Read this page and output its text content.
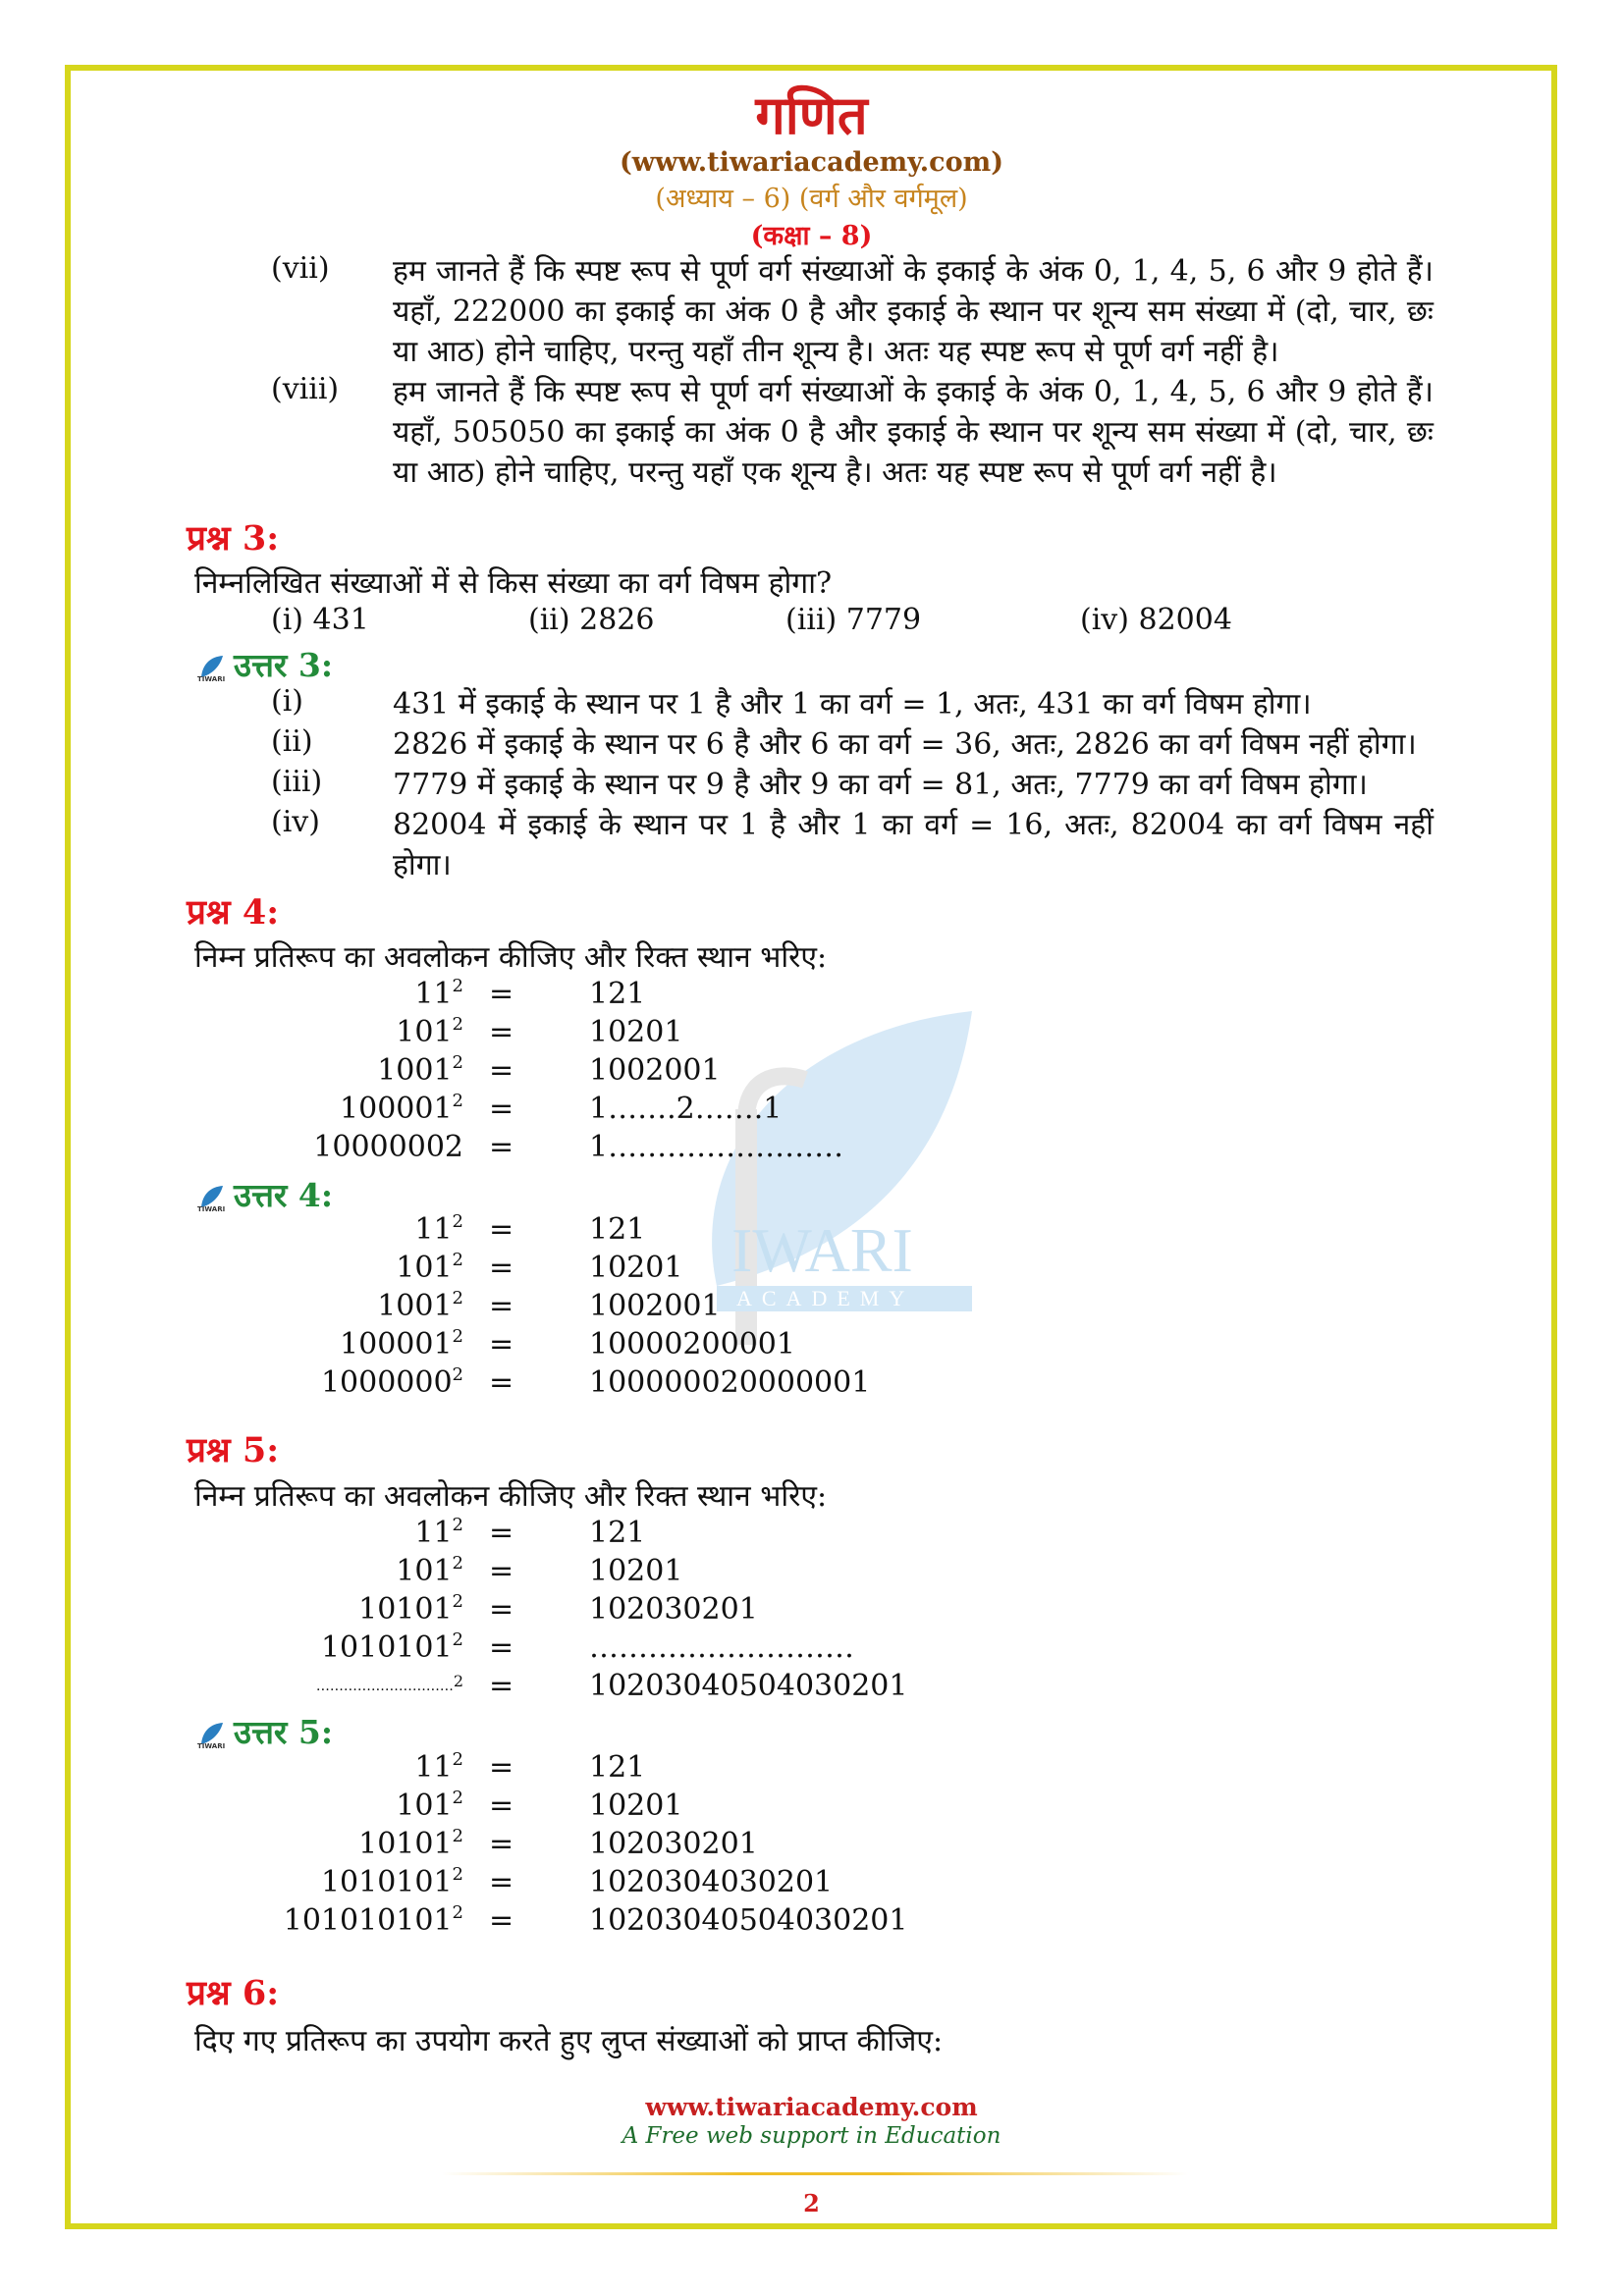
गणित
(www.tiwariacademy.com)
(अध्याय – 6) (वर्ग और वर्गमूल)
(कक्षा – 8)
IWARI
ACADEMY
(vii) हम जानते हैं कि स्पष्ट रूप से पूर्ण वर्ग संख्याओं के इकाई के अंक 0, 1, 4, 5, 6 और 9 होते हैं। यहाँ, 222000 का इकाई का अंक 0 है और इकाई के स्थान पर शून्य सम संख्या में (दो, चार, छः या आठ) होने चाहिए, परन्तु यहाँ तीन शून्य है। अतः यह स्पष्ट रूप से पूर्ण वर्ग नहीं है।
(viii) हम जानते हैं कि स्पष्ट रूप से पूर्ण वर्ग संख्याओं के इकाई के अंक 0, 1, 4, 5, 6 और 9 होते हैं। यहाँ, 505050 का इकाई का अंक 0 है और इकाई के स्थान पर शून्य सम संख्या में (दो, चार, छः या आठ) होने चाहिए, परन्तु यहाँ एक शून्य है। अतः यह स्पष्ट रूप से पूर्ण वर्ग नहीं है।
प्रश्न 3:
निम्नलिखित संख्याओं में से किस संख्या का वर्ग विषम होगा?
(i) 431	(ii) 2826	(iii) 7779	(iv) 82004
TIWARI उत्तर 3:
(i)	431 में इकाई के स्थान पर 1 है और 1 का वर्ग = 1, अतः, 431 का वर्ग विषम होगा।
(ii)	2826 में इकाई के स्थान पर 6 है और 6 का वर्ग = 36, अतः, 2826 का वर्ग विषम नहीं होगा।
(iii) 7779 में इकाई के स्थान पर 9 है और 9 का वर्ग = 81, अतः, 7779 का वर्ग विषम होगा।
(iv) 82004 में इकाई के स्थान पर 1 है और 1 का वर्ग = 16, अतः, 82004 का वर्ग विषम नहीं होगा।
प्रश्न 4:
निम्न प्रतिरूप का अवलोकन कीजिए और रिक्त स्थान भरिए:
$11^2$ =	121
$101^2$ =	10201
$1001^2$ =	1002001
$100001^2$ =	1…….2…….1
10000002 =	1……………………
TIWARI उत्तर 4:
$11^2$ =	121
$101^2$ =	10201
$1001^2$ =	1002001
$100001^2$ =	10000200001
$1000000^2$ =	100000020000001
प्रश्न 5:
निम्न प्रतिरूप का अवलोकन कीजिए और रिक्त स्थान भरिए:
$11^2$ =	121
$101^2$ =	10201
$10101^2$ =	102030201
$1010101^2$ =	………………………
…………………………$^2$ =	10203040504030201
TIWARI उत्तर 5:
$11^2$ =	121
$101^2$ =	10201
$10101^2$ =	102030201
$1010101^2$ =	1020304030201
$101010101^2$ =	10203040504030201
प्रश्न 6:
दिए गए प्रतिरूप का उपयोग करते हुए लुप्त संख्याओं को प्राप्त कीजिए:
www.tiwariacademy.com
A Free web support in Education
2
